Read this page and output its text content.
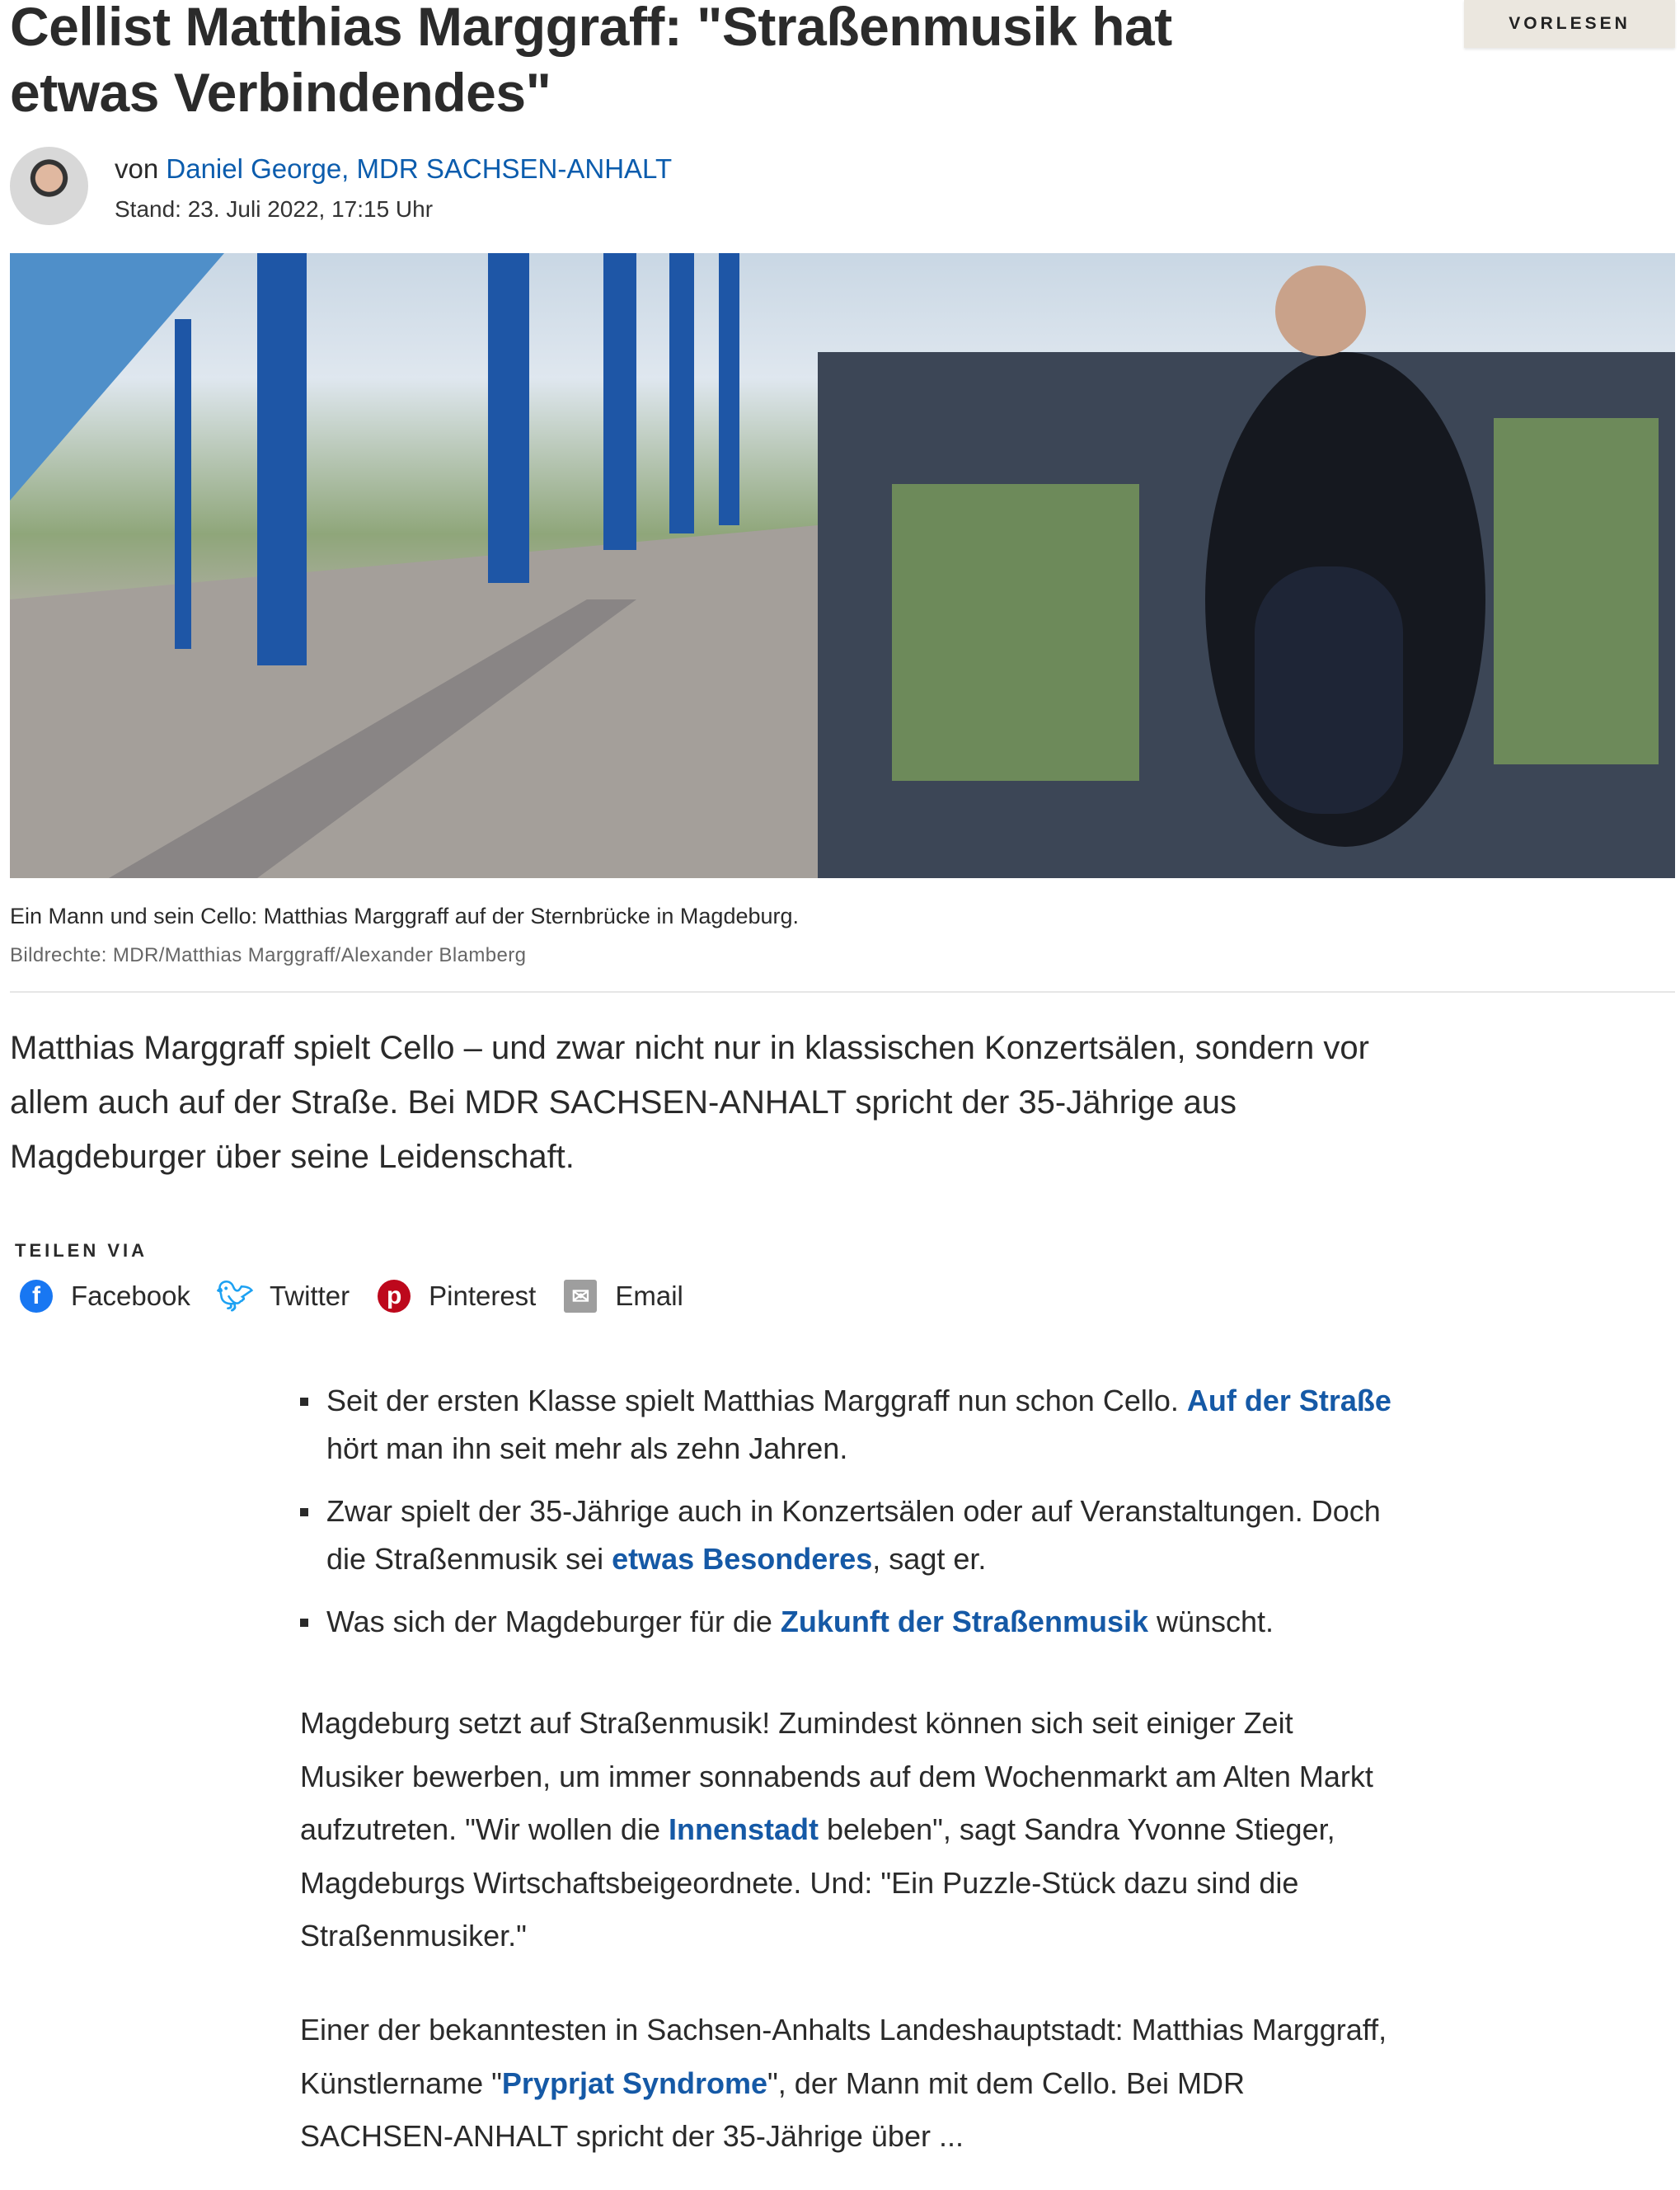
Cellist Matthias Marggraff: "Straßenmusik hat etwas Verbindendes"
VORLESEN
von Daniel George, MDR SACHSEN-ANHALT
Stand: 23. Juli 2022, 17:15 Uhr
Ein Mann und sein Cello: Matthias Marggraff auf der Sternbrücke in Magdeburg.
Bildrechte: MDR/Matthias Marggraff/Alexander Blamberg

Matthias Marggraff spielt Cello – und zwar nicht nur in klassischen Konzertsälen, sondern vor allem auch auf der Straße. Bei MDR SACHSEN-ANHALT spricht der 35-Jährige aus Magdeburger über seine Leidenschaft.

TEILEN VIA
f	Facebook 🐦︎ Twitter	p Pinterest	✉ Email
Seit der ersten Klasse spielt Matthias Marggraff nun schon Cello. Auf der Straße hört man ihn seit mehr als zehn Jahren.
Zwar spielt der 35-Jährige auch in Konzertsälen oder auf Veranstaltungen. Doch die Straßenmusik sei etwas Besonderes, sagt er.
Was sich der Magdeburger für die Zukunft der Straßenmusik wünscht.

Magdeburg setzt auf Straßenmusik! Zumindest können sich seit einiger Zeit Musiker bewerben, um immer sonnabends auf dem Wochenmarkt am Alten Markt aufzutreten. "Wir wollen die Innenstadt beleben", sagt Sandra Yvonne Stieger, Magdeburgs Wirtschaftsbeigeordnete. Und: "Ein Puzzle-Stück dazu sind die Straßenmusiker."

Einer der bekanntesten in Sachsen-Anhalts Landeshauptstadt: Matthias Marggraff, Künstlername "Pryprjat Syndrome", der Mann mit dem Cello. Bei MDR SACHSEN-ANHALT spricht der 35-Jährige über ...
